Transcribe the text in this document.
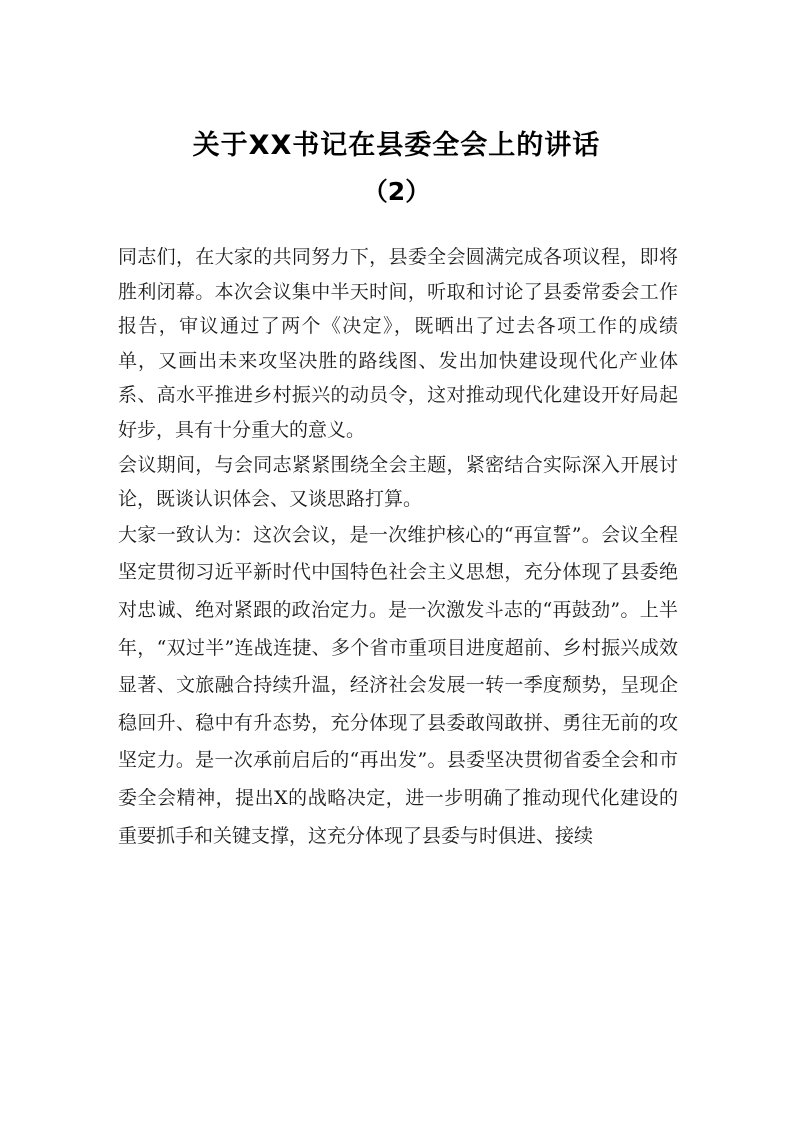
关于XX书记在县委全会上的讲话
（2）

同志们，在大家的共同努力下，县委全会圆满完成各项议程，即将胜利闭幕。本次会议集中半天时间，听取和讨论了县委常委会工作报告，审议通过了两个《决定》，既晒出了过去各项工作的成绩单，又画出未来攻坚决胜的路线图、发出加快建设现代化产业体系、高水平推进乡村振兴的动员令，这对推动现代化建设开好局起好步，具有十分重大的意义。

会议期间，与会同志紧紧围绕全会主题，紧密结合实际深入开展讨论，既谈认识体会、又谈思路打算。

大家一致认为：这次会议，是一次维护核心的“再宣誓”。会议全程坚定贯彻习近平新时代中国特色社会主义思想，充分体现了县委绝对忠诚、绝对紧跟的政治定力。是一次激发斗志的“再鼓劲”。上半年，“双过半”连战连捷、多个省市重项目进度超前、乡村振兴成效显著、文旅融合持续升温，经济社会发展一转一季度颓势，呈现企稳回升、稳中有升态势，充分体现了县委敢闯敢拼、勇往无前的攻坚定力。是一次承前启后的“再出发”。县委坚决贯彻省委全会和市委全会精神，提出X的战略决定，进一步明确了推动现代化建设的重要抓手和关键支撑，这充分体现了县委与时俱进、接续
